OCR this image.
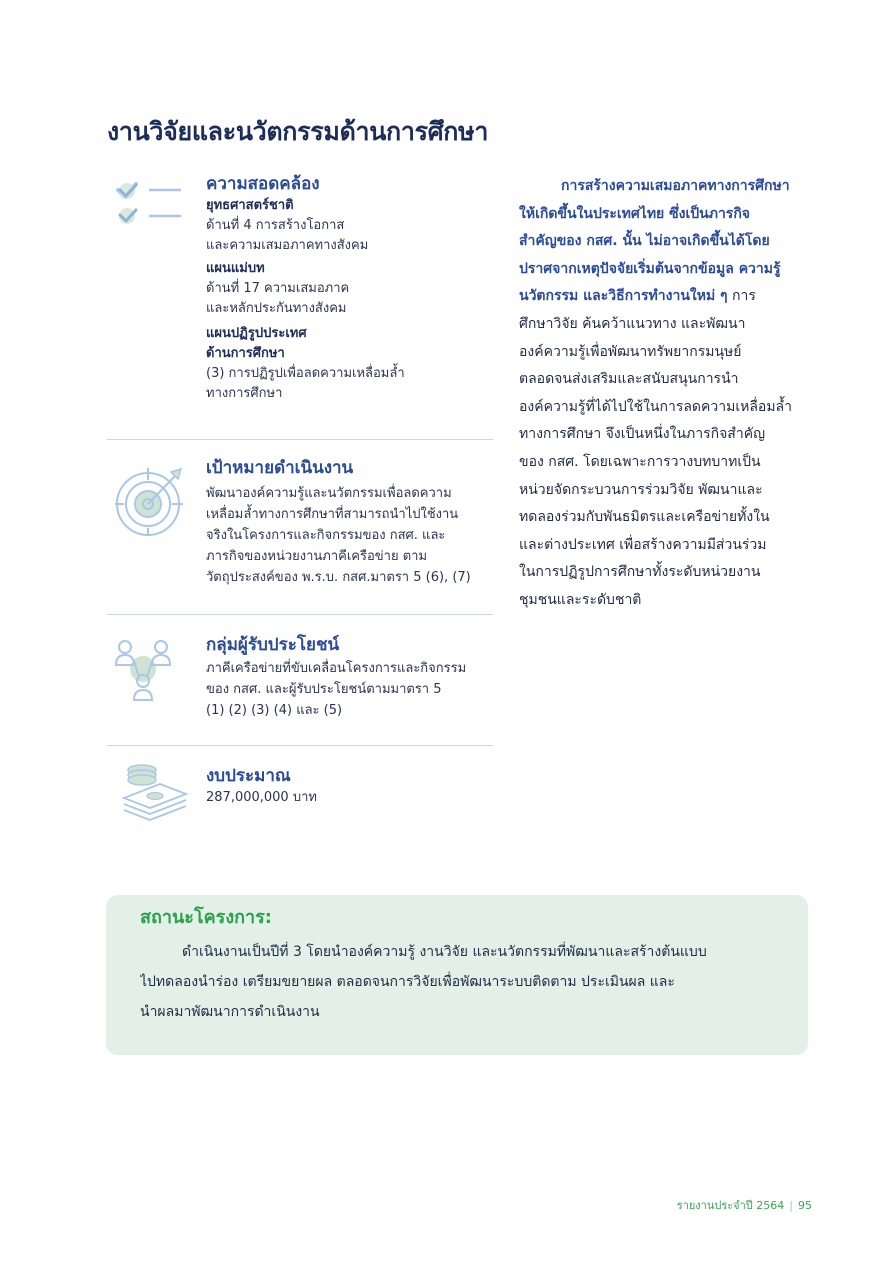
งานวิจัยและนวัตกรรมด้านการศึกษา
ความสอดคล้อง
ยุทธศาสตร์ชาติ
ด้านที่ 4 การสร้างโอกาส
และความเสมอภาคทางสังคม
แผนแม่บท
ด้านที่ 17 ความเสมอภาค
และหลักประกันทางสังคม
แผนปฏิรูปประเทศ
ด้านการศึกษา
(3) การปฏิรูปเพื่อลดความเหลื่อมล้ำ
ทางการศึกษา
เป้าหมายดำเนินงาน
พัฒนาองค์ความรู้และนวัตกรรมเพื่อลดความ
เหลื่อมล้ำทางการศึกษาที่สามารถนำไปใช้งาน
จริงในโครงการและกิจกรรมของ กสศ. และ
ภารกิจของหน่วยงานภาคีเครือข่าย ตาม
วัตถุประสงค์ของ พ.ร.บ. กสศ.มาตรา 5 (6), (7)
กลุ่มผู้รับประโยชน์
ภาคีเครือข่ายที่ขับเคลื่อนโครงการและกิจกรรม
ของ กสศ. และผู้รับประโยชน์ตามมาตรา 5
(1) (2) (3) (4) และ (5)
งบประมาณ
287,000,000 บาท
การสร้างความเสมอภาคทางการศึกษา
ให้เกิดขึ้นในประเทศไทย ซึ่งเป็นภารกิจ
สำคัญของ กสศ. นั้น ไม่อาจเกิดขึ้นได้โดย
ปราศจากเหตุปัจจัยเริ่มต้นจากข้อมูล ความรู้
นวัตกรรม และวิธีการทำงานใหม่ ๆ การ
ศึกษาวิจัย ค้นคว้าแนวทาง และพัฒนา
องค์ความรู้เพื่อพัฒนาทรัพยากรมนุษย์
ตลอดจนส่งเสริมและสนับสนุนการนำ
องค์ความรู้ที่ได้ไปใช้ในการลดความเหลื่อมล้ำ
ทางการศึกษา จึงเป็นหนึ่งในภารกิจสำคัญ
ของ กสศ. โดยเฉพาะการวางบทบาทเป็น
หน่วยจัดกระบวนการร่วมวิจัย พัฒนาและ
ทดลองร่วมกับพันธมิตรและเครือข่ายทั้งใน
และต่างประเทศ เพื่อสร้างความมีส่วนร่วม
ในการปฏิรูปการศึกษาทั้งระดับหน่วยงาน
ชุมชนและระดับชาติ
สถานะโครงการ:
ดำเนินงานเป็นปีที่ 3 โดยนำองค์ความรู้ งานวิจัย และนวัตกรรมที่พัฒนาและสร้างต้นแบบ
ไปทดลองนำร่อง เตรียมขยายผล ตลอดจนการวิจัยเพื่อพัฒนาระบบติดตาม ประเมินผล และ
นำผลมาพัฒนาการดำเนินงาน
รายงานประจำปี 2564 | 95
